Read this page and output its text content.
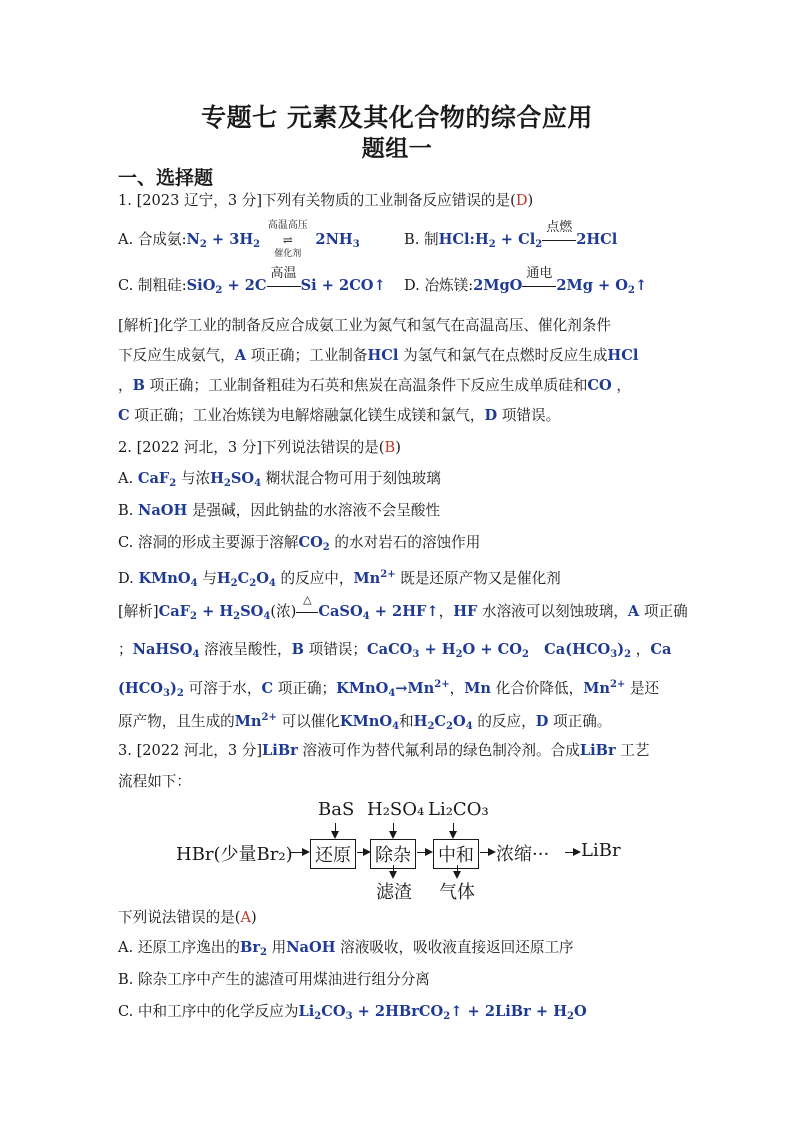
专题七 元素及其化合物的综合应用
题组一
一、选择题
1. [2023 辽宁，3 分]下列有关物质的工业制备反应错误的是(D)
A. 合成氨$:N_2 + 3H_2$
高温高压
⇌
催化剂
$2NH_3$	B. 制$HCl:H_2 + Cl_2$
点燃
2HCl
C. 制粗硅:SiO$_2$ + 2C
高温
Si + 2CO↑ D. 冶炼镁:2MgO
通电
$2Mg + O_2↑$
[解析]化学工业的制备反应合成氨工业为氮气和氢气在高温高压、催化剂条件
下反应生成氨气，A 项正确；工业制备HCl 为氢气和氯气在点燃时反应生成HCl
，B 项正确；工业制备粗硅为石英和焦炭在高温条件下反应生成单质硅和CO ，
C 项正确；工业冶炼镁为电解熔融氯化镁生成镁和氯气，D 项错误。
2. [2022 河北，3 分]下列说法错误的是(B)
A. CaF$_2$ 与浓$H_2SO_4$ 糊状混合物可用于刻蚀玻璃
B. NaOH 是强碱，因此钠盐的水溶液不会呈酸性
C. 溶洞的形成主要源于溶解$CO_2$ 的水对岩石的溶蚀作用
D. KMnO$_4$ 与$H_2C_2O_4$ 的反应中，$Mn^{2+}$ 既是还原产物又是催化剂
[解析]$CaF_2 + H_2SO_4$(浓)
△
CaSO$_4$ + 2HF↑，HF 水溶液可以刻蚀玻璃，A 项正确
；NaHSO$_4$ 溶液呈酸性，B 项错误；CaCO$_3$ + $H_2O + CO_2$   $Ca(HCO_3)_2$ ，Ca
$(HCO_3)_2$ 可溶于水，C 项正确；$KMnO_4\to Mn^{2+}$，Mn 化合价降低，$Mn^{2+}$ 是还
原产物，且生成的$Mn^{2+}$ 可以催化KMnO$_4$和$H_2C_2O_4$ 的反应，D 项正确。
3. [2022 河北，3 分]LiBr 溶液可作为替代氟利昂的绿色制冷剂。合成LiBr 工艺
流程如下：
BaS H₂SO₄ Li₂CO₃
HBr(少量Br₂) 还原 除杂 中和 浓缩··· LiBr
滤渣 气体
下列说法错误的是(A)
A. 还原工序逸出的$Br_2$ 用NaOH 溶液吸收，吸收液直接返回还原工序
B. 除杂工序中产生的滤渣可用煤油进行组分分离
C. 中和工序中的化学反应为$Li_2CO_3$ + 2HBrCO$_2$↑ + 2LiBr + $H_2O$
